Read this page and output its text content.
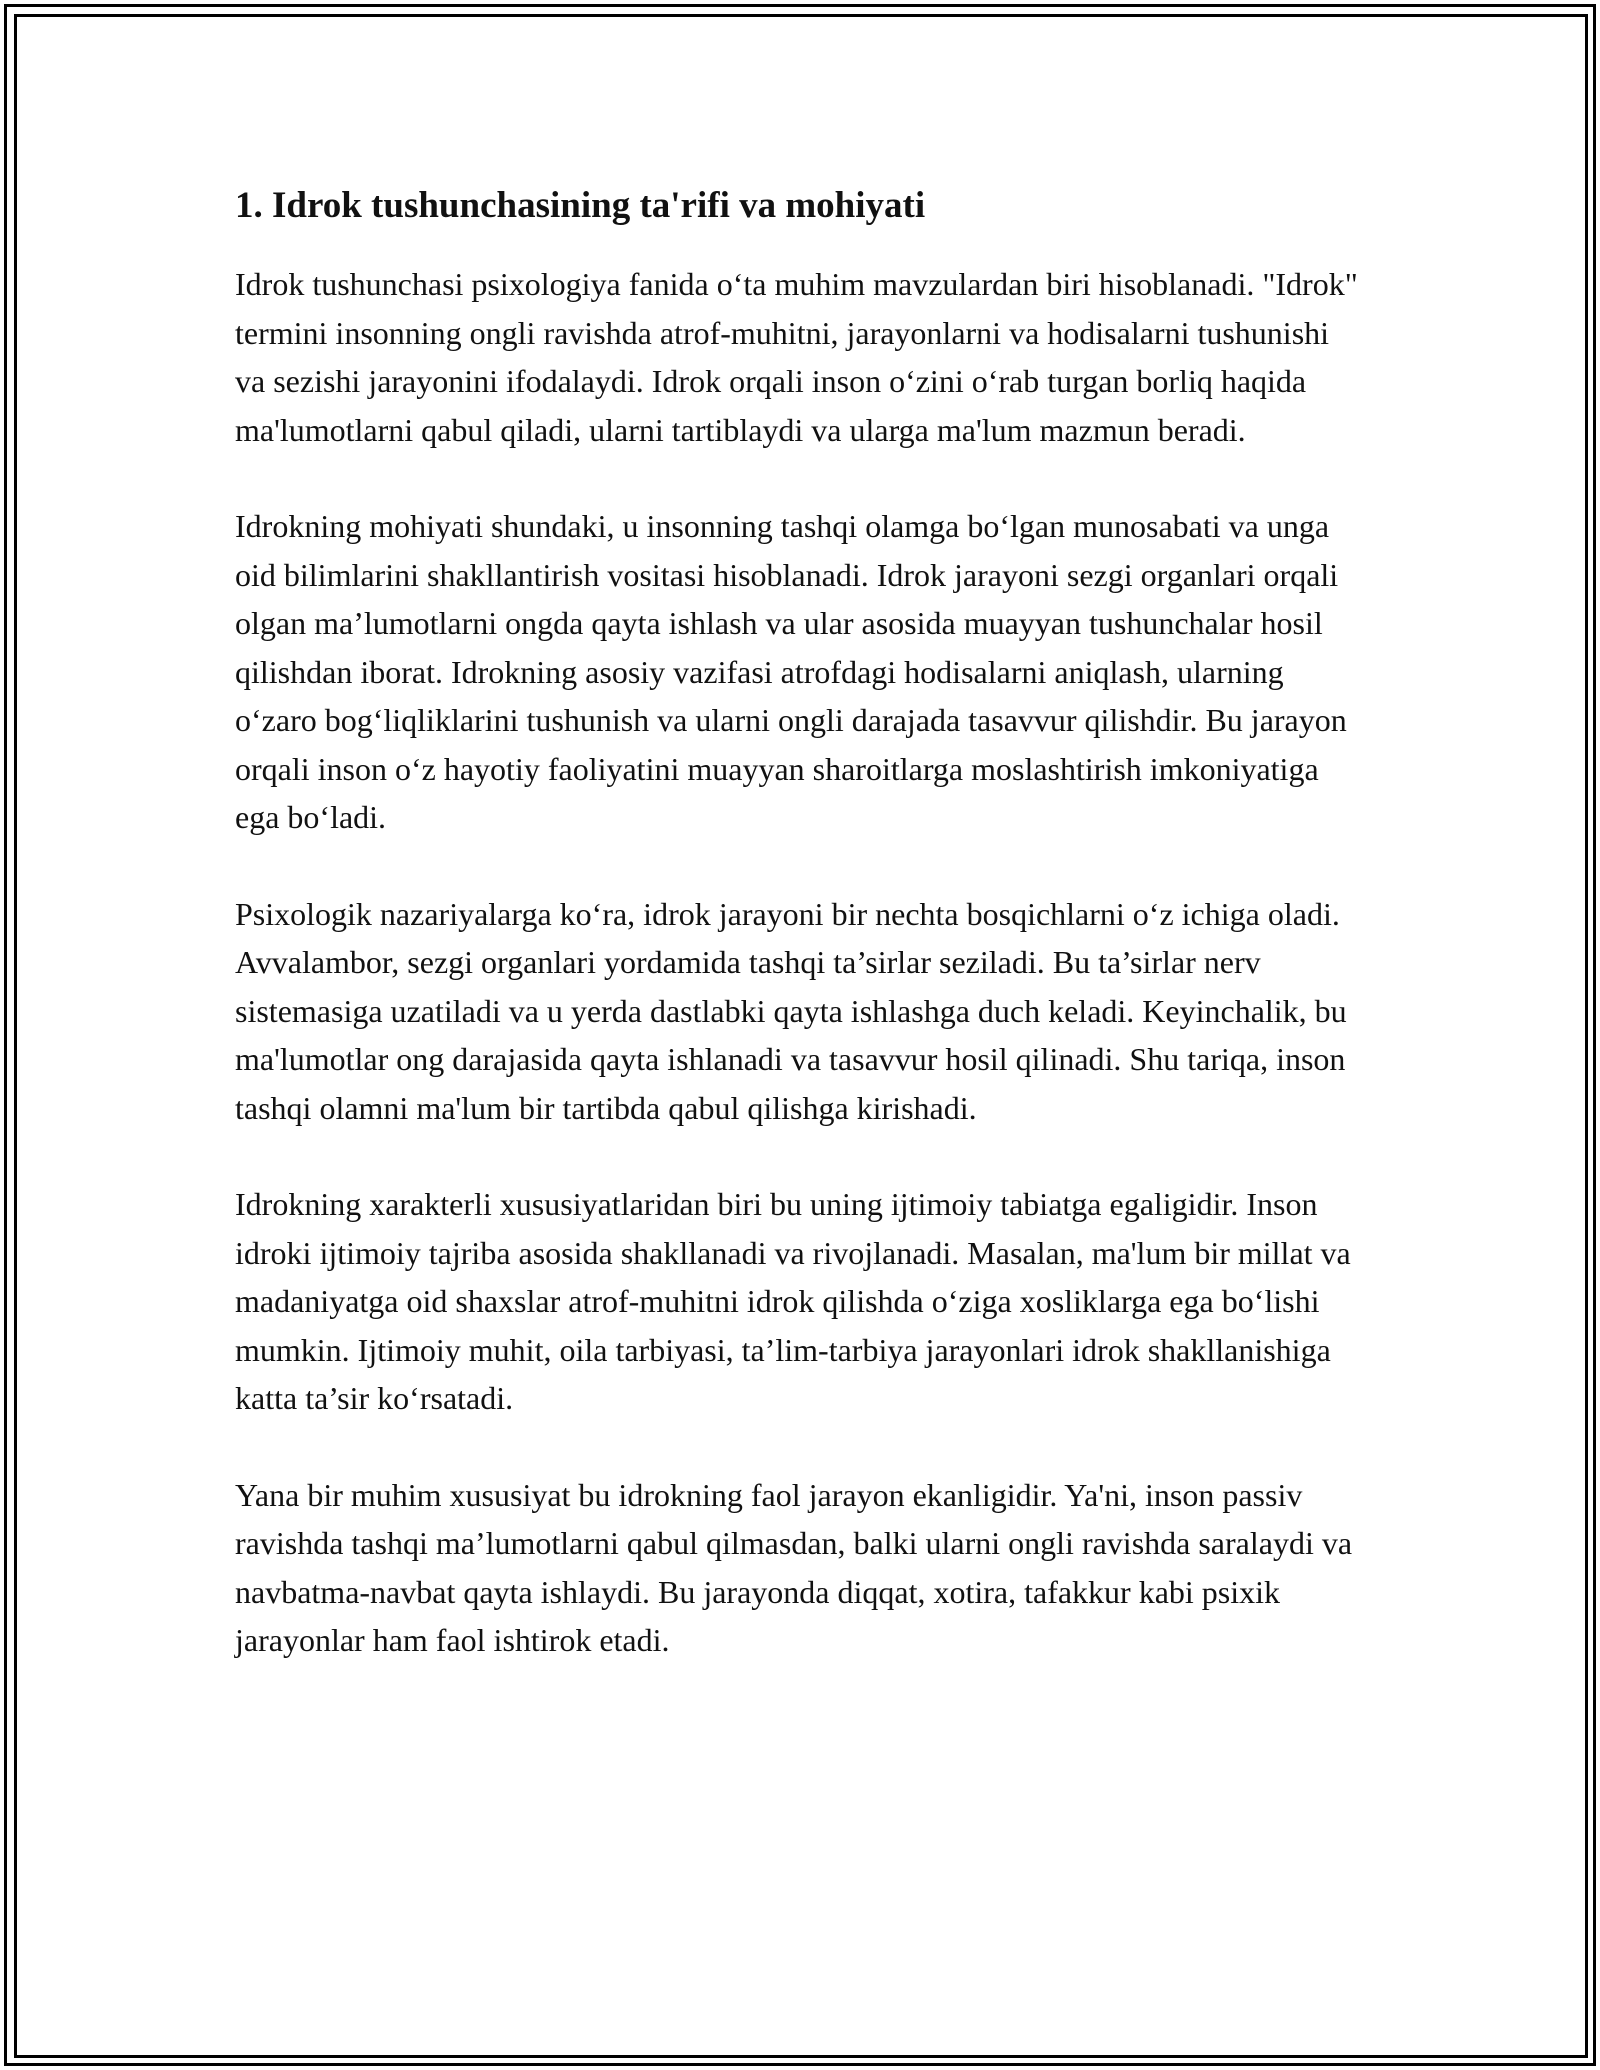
1. Idrok tushunchasining ta'rifi va mohiyati

Idrok tushunchasi psixologiya fanida oʻta muhim mavzulardan biri hisoblanadi. "Idrok" termini insonning ongli ravishda atrof-muhitni, jarayonlarni va hodisalarni tushunishi va sezishi jarayonini ifodalaydi. Idrok orqali inson oʻzini oʻrab turgan borliq haqida ma'lumotlarni qabul qiladi, ularni tartiblaydi va ularga ma'lum mazmun beradi.

Idrokning mohiyati shundaki, u insonning tashqi olamga boʻlgan munosabati va unga oid bilimlarini shakllantirish vositasi hisoblanadi. Idrok jarayoni sezgi organlari orqali olgan ma’lumotlarni ongda qayta ishlash va ular asosida muayyan tushunchalar hosil qilishdan iborat. Idrokning asosiy vazifasi atrofdagi hodisalarni aniqlash, ularning oʻzaro bogʻliqliklarini tushunish va ularni ongli darajada tasavvur qilishdir. Bu jarayon orqali inson oʻz hayotiy faoliyatini muayyan sharoitlarga moslashtirish imkoniyatiga ega boʻladi.

Psixologik nazariyalarga koʻra, idrok jarayoni bir nechta bosqichlarni oʻz ichiga oladi. Avvalambor, sezgi organlari yordamida tashqi ta’sirlar seziladi. Bu ta’sirlar nerv sistemasiga uzatiladi va u yerda dastlabki qayta ishlashga duch keladi. Keyinchalik, bu ma'lumotlar ong darajasida qayta ishlanadi va tasavvur hosil qilinadi. Shu tariqa, inson tashqi olamni ma'lum bir tartibda qabul qilishga kirishadi.

Idrokning xarakterli xususiyatlaridan biri bu uning ijtimoiy tabiatga egaligidir. Inson idroki ijtimoiy tajriba asosida shakllanadi va rivojlanadi. Masalan, ma'lum bir millat va madaniyatga oid shaxslar atrof-muhitni idrok qilishda oʻziga xosliklarga ega boʻlishi mumkin. Ijtimoiy muhit, oila tarbiyasi, ta’lim-tarbiya jarayonlari idrok shakllanishiga katta ta’sir koʻrsatadi.

Yana bir muhim xususiyat bu idrokning faol jarayon ekanligidir. Ya'ni, inson passiv ravishda tashqi ma’lumotlarni qabul qilmasdan, balki ularni ongli ravishda saralaydi va navbatma-navbat qayta ishlaydi. Bu jarayonda diqqat, xotira, tafakkur kabi psixik jarayonlar ham faol ishtirok etadi.
